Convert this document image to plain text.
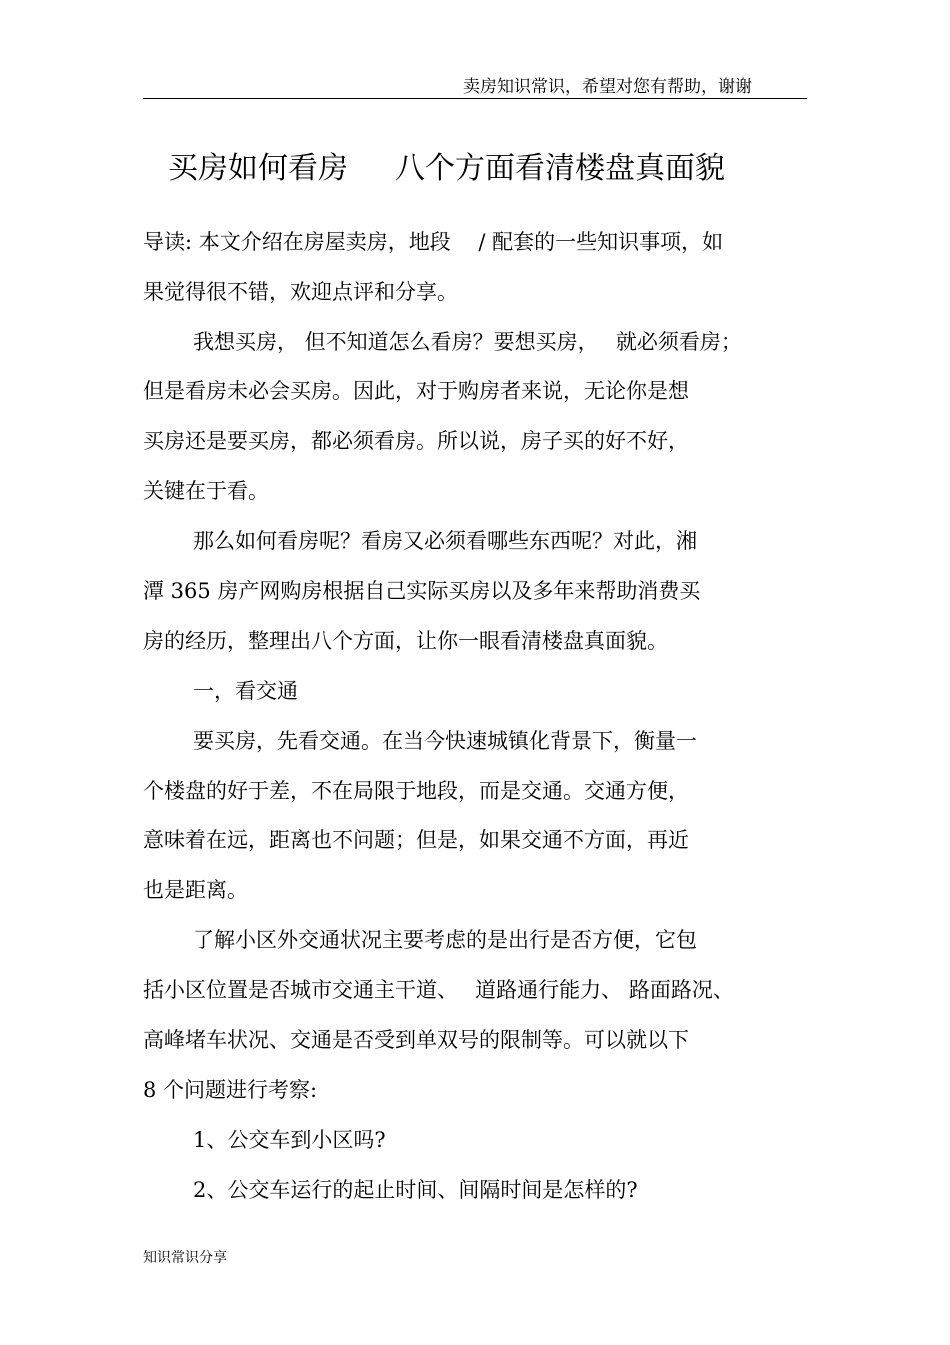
卖房知识常识，希望对您有帮助，谢谢
买房如何看房 八个方面看清楼盘真面貌
导读: 本文介绍在房屋卖房，地段　 / 配套的一些知识事项，如
果觉得很不错，欢迎点评和分享。
我想买房， 但不知道怎么看房？要想买房，　 就必须看房；
但是看房未必会买房。因此，对于购房者来说，无论你是想
买房还是要买房，都必须看房。所以说，房子买的好不好，
关键在于看。
那么如何看房呢？看房又必须看哪些东西呢？对此，湘
潭 365 房产网购房根据自己实际买房以及多年来帮助消费买
房的经历，整理出八个方面，让你一眼看清楼盘真面貌。
一，看交通
要买房，先看交通。在当今快速城镇化背景下，衡量一
个楼盘的好于差，不在局限于地段，而是交通。交通方便，
意味着在远，距离也不问题；但是，如果交通不方面，再近
也是距离。
了解小区外交通状况主要考虑的是出行是否方便，它包
括小区位置是否城市交通主干道、　 道路通行能力、 路面路况、
高峰堵车状况、交通是否受到单双号的限制等。可以就以下
8 个问题进行考察:
1、公交车到小区吗?
2、公交车运行的起止时间、间隔时间是怎样的?
知识常识分享
